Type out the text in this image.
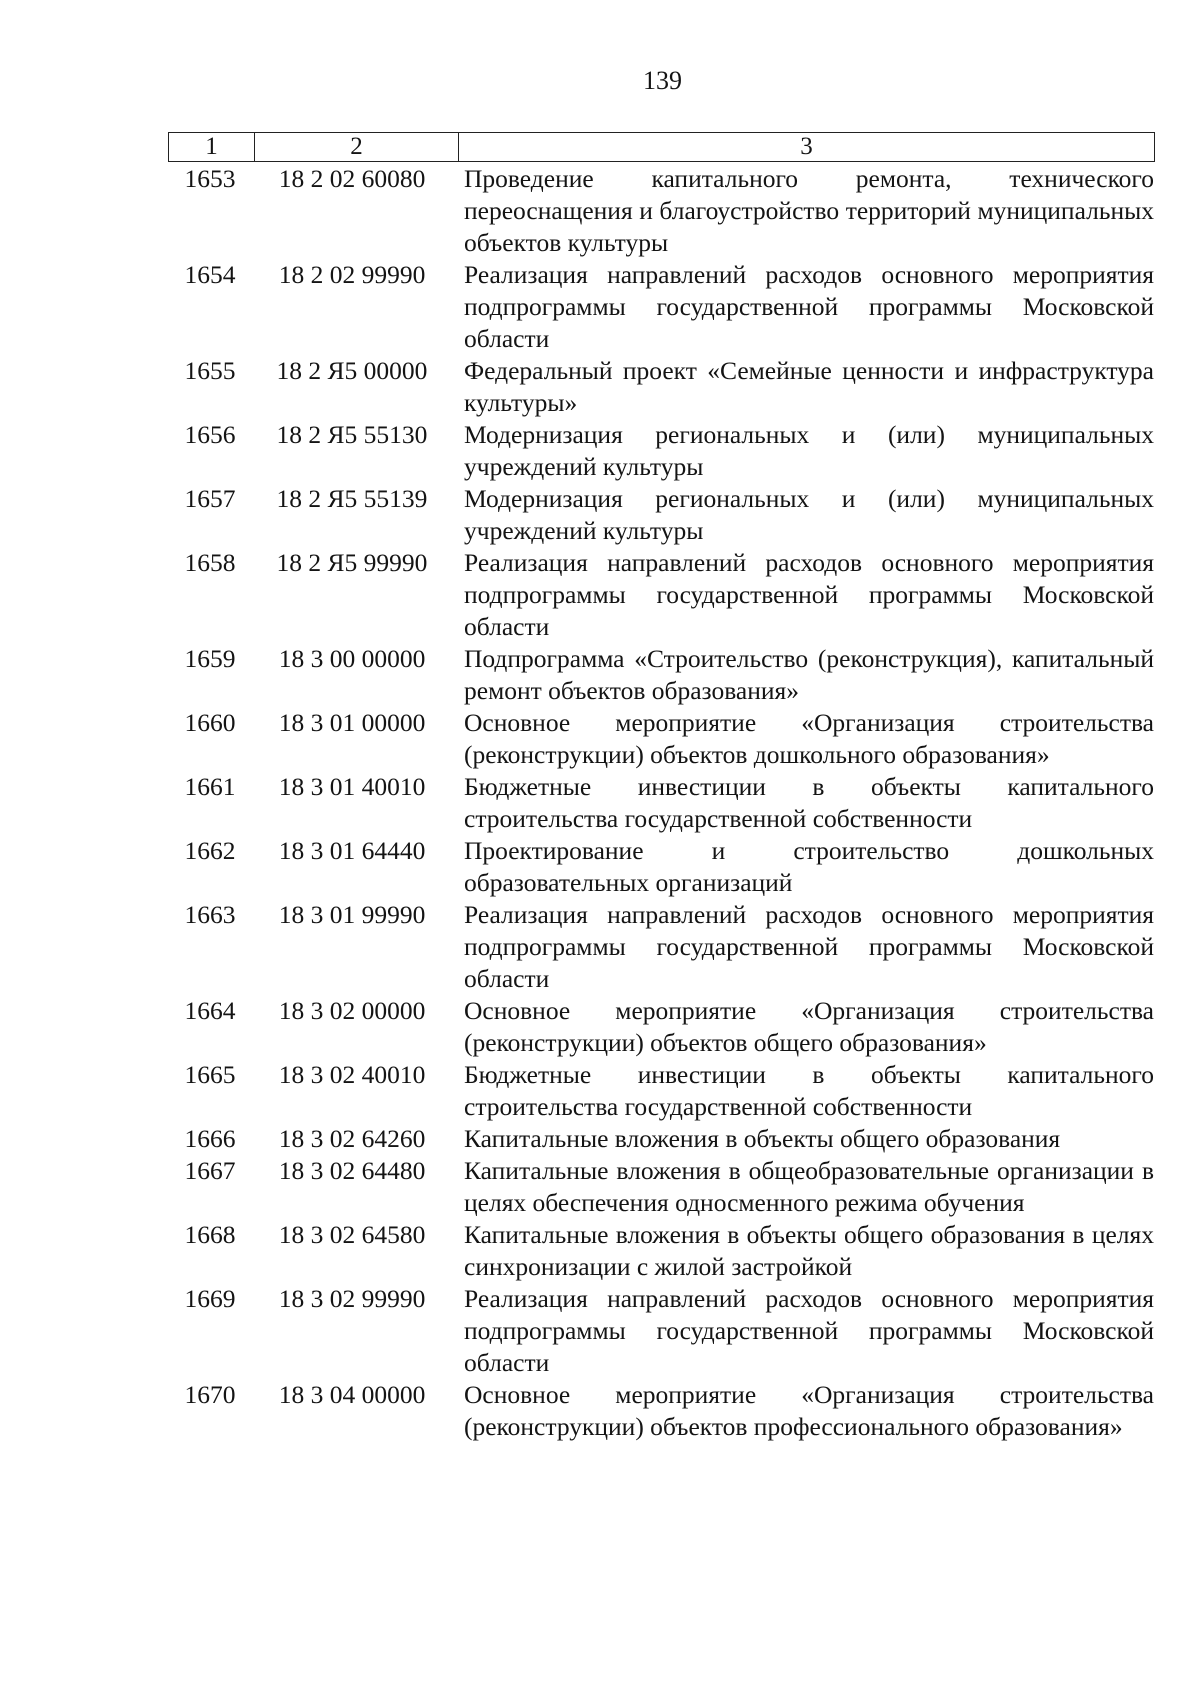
139
1	2	3
1653	18 2 02 60080	Проведение капитального ремонта, технического переоснащения и благоустройство территорий муниципальных объектов культуры
1654	18 2 02 99990	Реализация направлений расходов основного мероприятия подпрограммы государственной программы Московской области
1655	18 2 Я5 00000	Федеральный проект «Семейные ценности и инфраструктура культуры»
1656	18 2 Я5 55130	Модернизация региональных и (или) муниципальных учреждений культуры
1657	18 2 Я5 55139	Модернизация региональных и (или) муниципальных учреждений культуры
1658	18 2 Я5 99990	Реализация направлений расходов основного мероприятия подпрограммы государственной программы Московской области
1659	18 3 00 00000	Подпрограмма «Строительство (реконструкция), капитальный ремонт объектов образования»
1660	18 3 01 00000	Основное мероприятие «Организация строительства (реконструкции) объектов дошкольного образования»
1661	18 3 01 40010	Бюджетные инвестиции в объекты капитального строительства государственной собственности
1662	18 3 01 64440	Проектирование и строительство дошкольных образовательных организаций
1663	18 3 01 99990	Реализация направлений расходов основного мероприятия подпрограммы государственной программы Московской области
1664	18 3 02 00000	Основное мероприятие «Организация строительства (реконструкции) объектов общего образования»
1665	18 3 02 40010	Бюджетные инвестиции в объекты капитального строительства государственной собственности
1666	18 3 02 64260	Капитальные вложения в объекты общего образования
1667	18 3 02 64480	Капитальные вложения в общеобразовательные организации в целях обеспечения односменного режима обучения
1668	18 3 02 64580	Капитальные вложения в объекты общего образования в целях синхронизации с жилой застройкой
1669	18 3 02 99990	Реализация направлений расходов основного мероприятия подпрограммы государственной программы Московской области
1670	18 3 04 00000	Основное мероприятие «Организация строительства (реконструкции) объектов профессионального образования»
